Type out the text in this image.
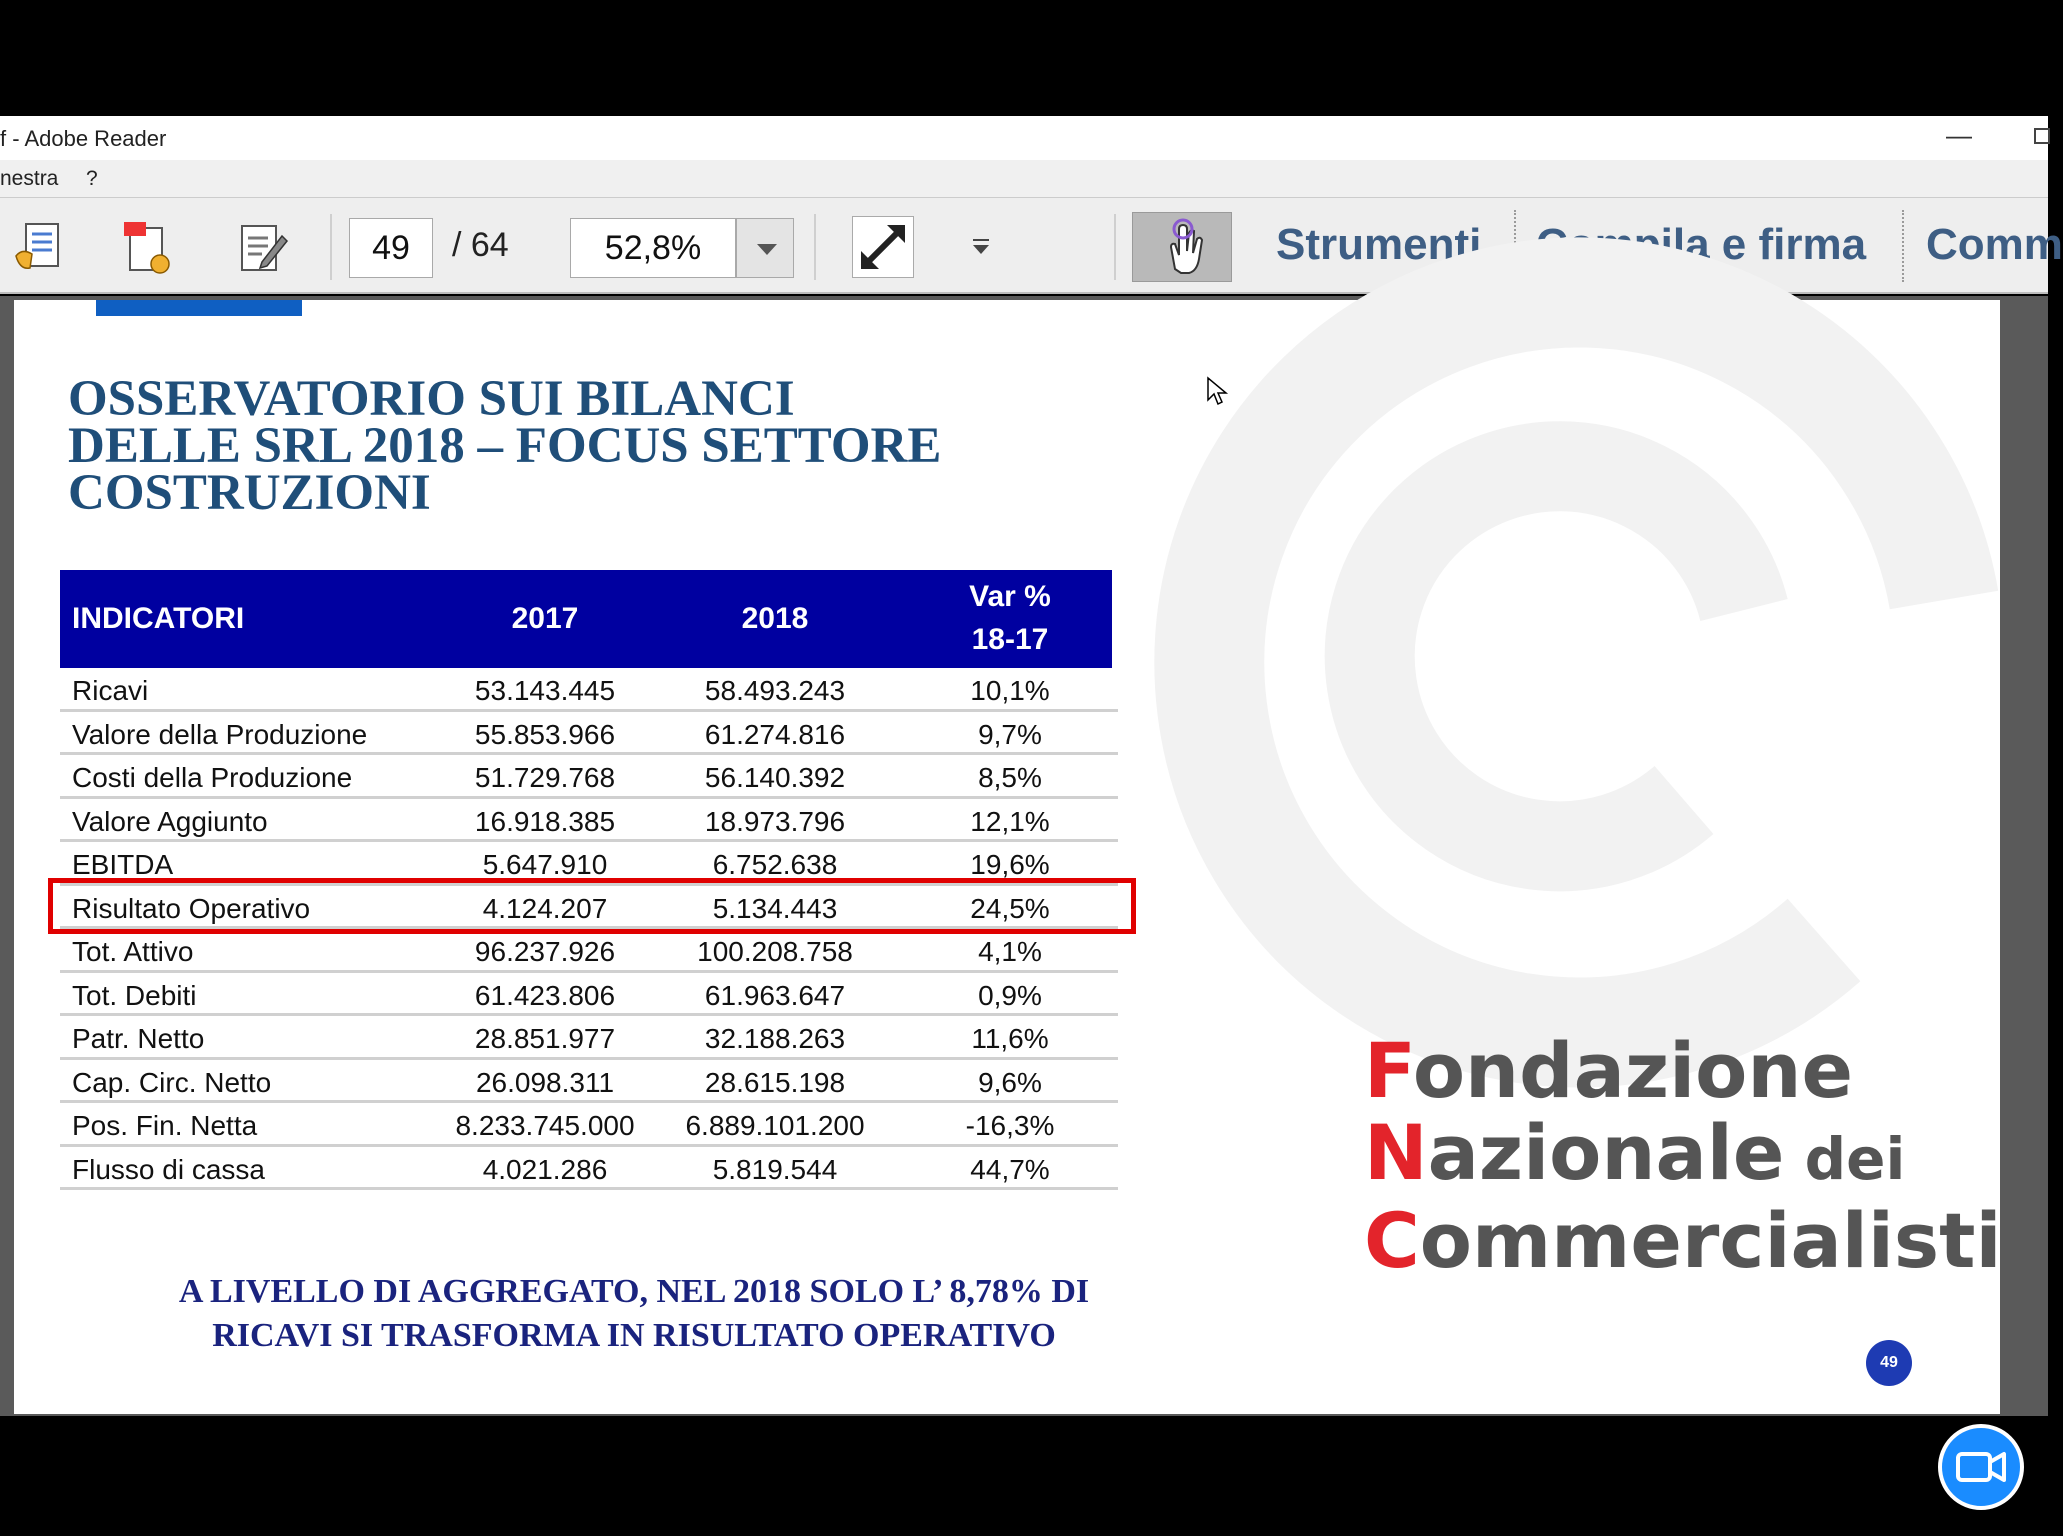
f - Adobe Reader	—
nestra ?
49	/ 64	52,8%	Strumenti Compila e firma Comm
OSSERVATORIO SUI BILANCI
DELLE SRL 2018 – FOCUS SETTORE
COSTRUZIONI
INDICATORI	2017	2018
Var %
18-17
Ricavi	53.143.445	58.493.243	10,1%
Valore della Produzione	55.853.966	61.274.816	9,7%
Costi della Produzione	51.729.768	56.140.392	8,5%
Valore Aggiunto	16.918.385	18.973.796	12,1%
EBITDA	5.647.910	6.752.638	19,6%
Risultato Operativo	4.124.207	5.134.443	24,5%
Tot. Attivo	96.237.926	100.208.758	4,1%
Tot. Debiti	61.423.806	61.963.647	0,9%
Patr. Netto	28.851.977	32.188.263	11,6%
Cap. Circ. Netto	26.098.311	28.615.198	9,6%
Pos. Fin. Netta	8.233.745.000	6.889.101.200	-16,3%
Flusso di cassa	4.021.286	5.819.544	44,7%
A LIVELLO DI AGGREGATO, NEL 2018 SOLO L’ 8,78% DI
RICAVI SI TRASFORMA IN RISULTATO OPERATIVO
Fondazione
Nazionale dei
Commercialisti
49
